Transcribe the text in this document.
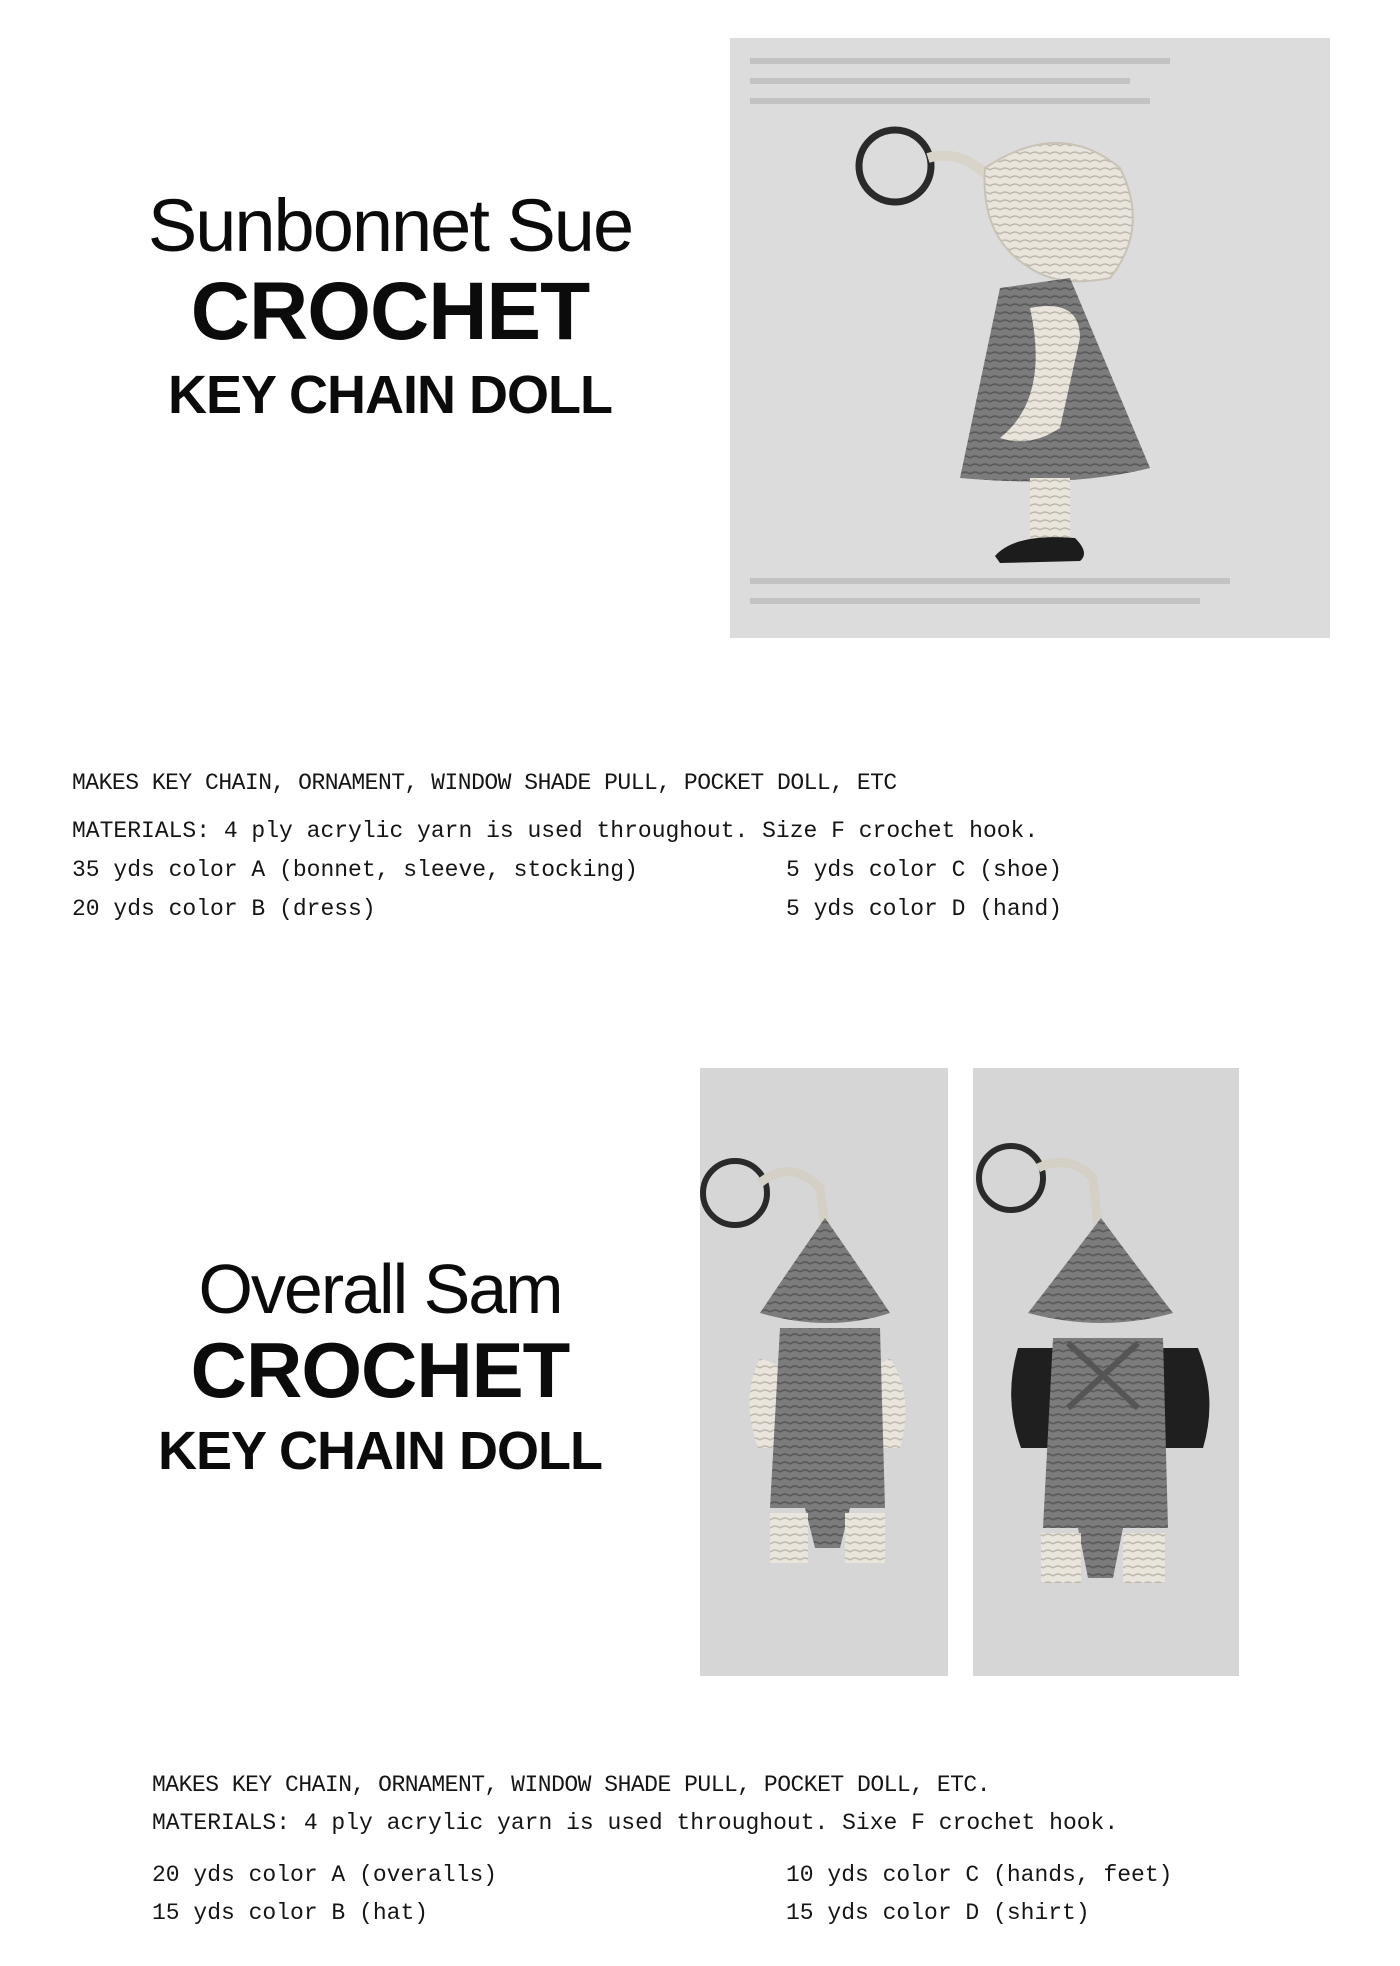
Sunbonnet Sue
CROCHET
KEY CHAIN DOLL
MAKES KEY CHAIN, ORNAMENT, WINDOW SHADE PULL, POCKET DOLL, ETC
MATERIALS: 4 ply acrylic yarn is used throughout. Size F crochet hook.
35 yds color A (bonnet, sleeve, stocking)
20 yds color B (dress)
5 yds color C (shoe)
5 yds color D (hand)
Overall Sam
CROCHET
KEY CHAIN DOLL
MAKES KEY CHAIN, ORNAMENT, WINDOW SHADE PULL, POCKET DOLL, ETC.
MATERIALS: 4 ply acrylic yarn is used throughout. Sixe F crochet hook.
20 yds color A (overalls)
15 yds color B (hat)
10 yds color C (hands, feet)
15 yds color D (shirt)
